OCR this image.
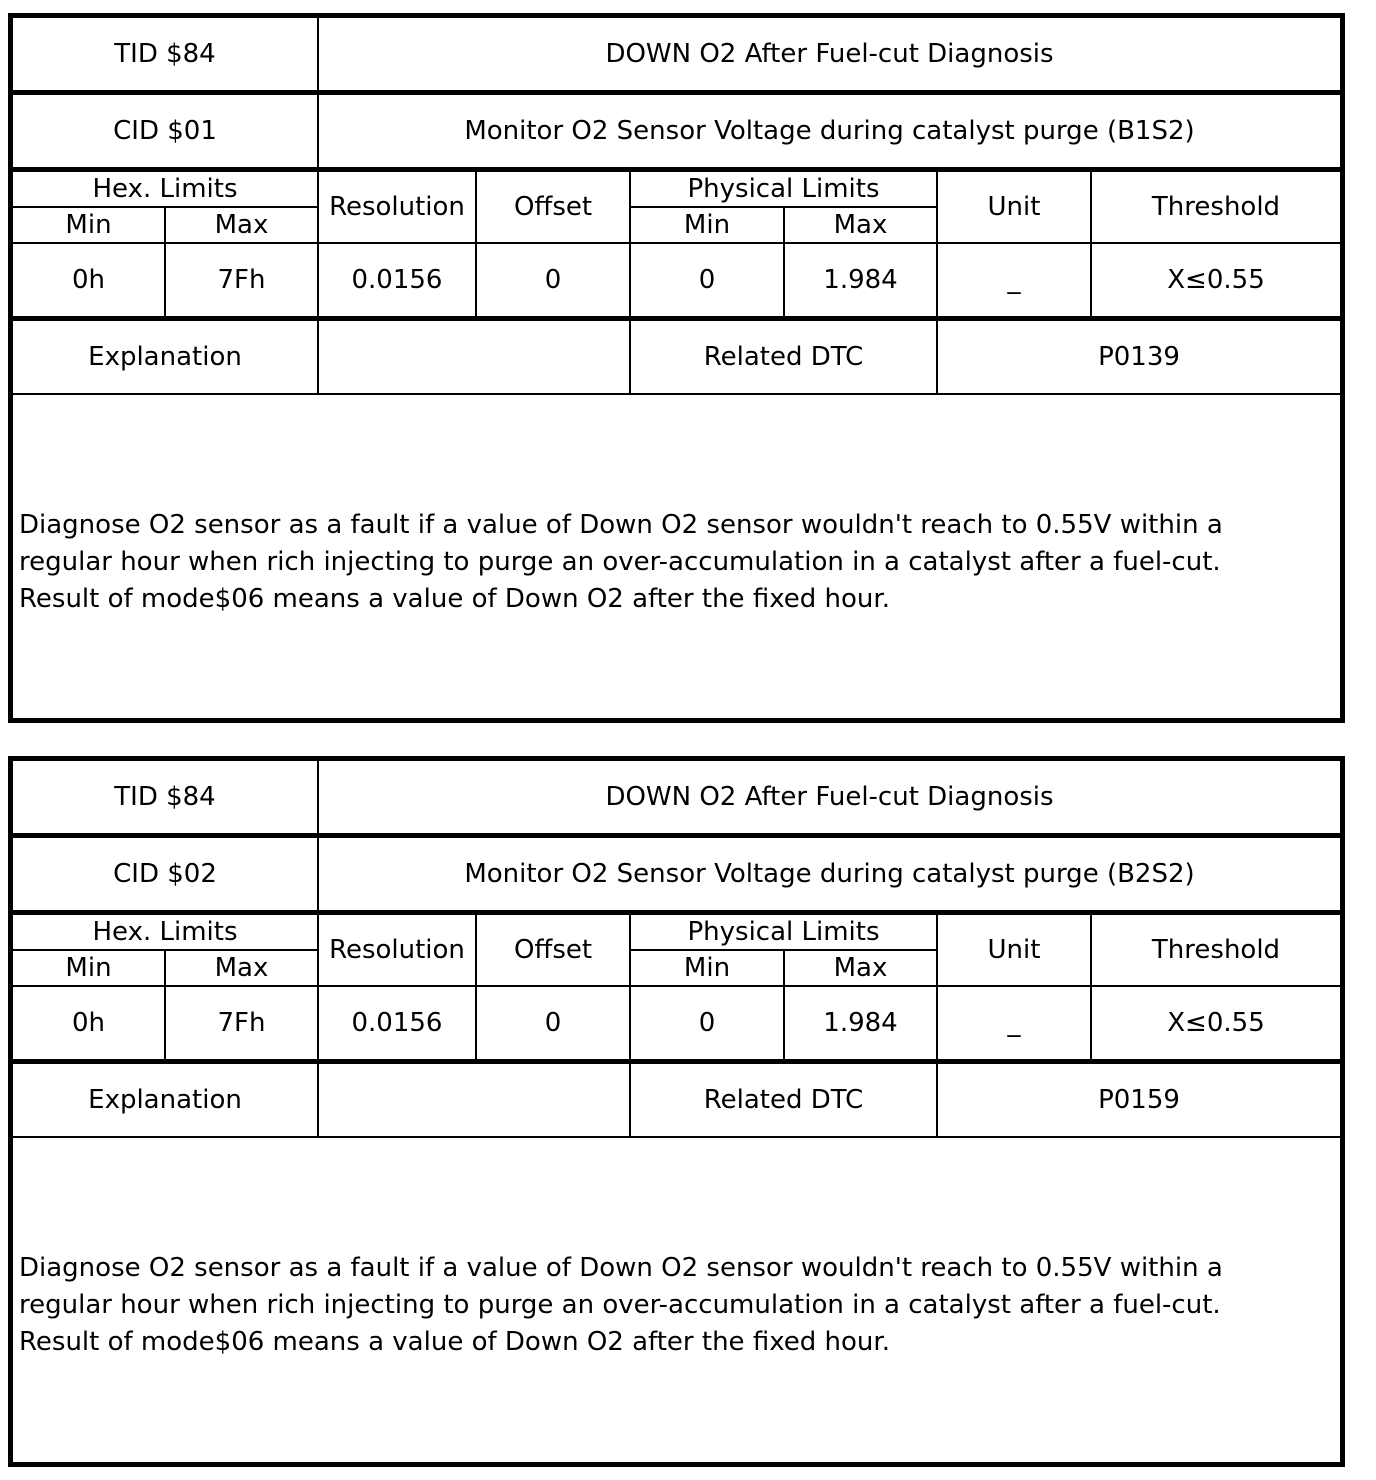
TID $84		DOWN O2 After Fuel-cut Diagnosis					
CID $01		Monitor O2 Sensor Voltage during catalyst purge (B1S2)					
Hex. Limits		Resolution	Offset	Physical Limits		Unit	Threshold
Min	Max			Min	Max		
0h	7Fh	0.0156	0	0	1.984	_	X≤0.55
Explanation				Related DTC		P0139	

Diagnose O2 sensor as a fault if a value of Down O2 sensor wouldn't reach to 0.55V within a
regular hour when rich injecting to purge an over-accumulation in a catalyst after a fuel-cut.
Result of mode$06 means a value of Down O2 after the fixed hour.							
TID $84		DOWN O2 After Fuel-cut Diagnosis					
CID $02		Monitor O2 Sensor Voltage during catalyst purge (B2S2)					
Hex. Limits		Resolution	Offset	Physical Limits		Unit	Threshold
Min	Max			Min	Max		
0h	7Fh	0.0156	0	0	1.984	_	X≤0.55
Explanation				Related DTC		P0159	

Diagnose O2 sensor as a fault if a value of Down O2 sensor wouldn't reach to 0.55V within a
regular hour when rich injecting to purge an over-accumulation in a catalyst after a fuel-cut.
Result of mode$06 means a value of Down O2 after the fixed hour.							
